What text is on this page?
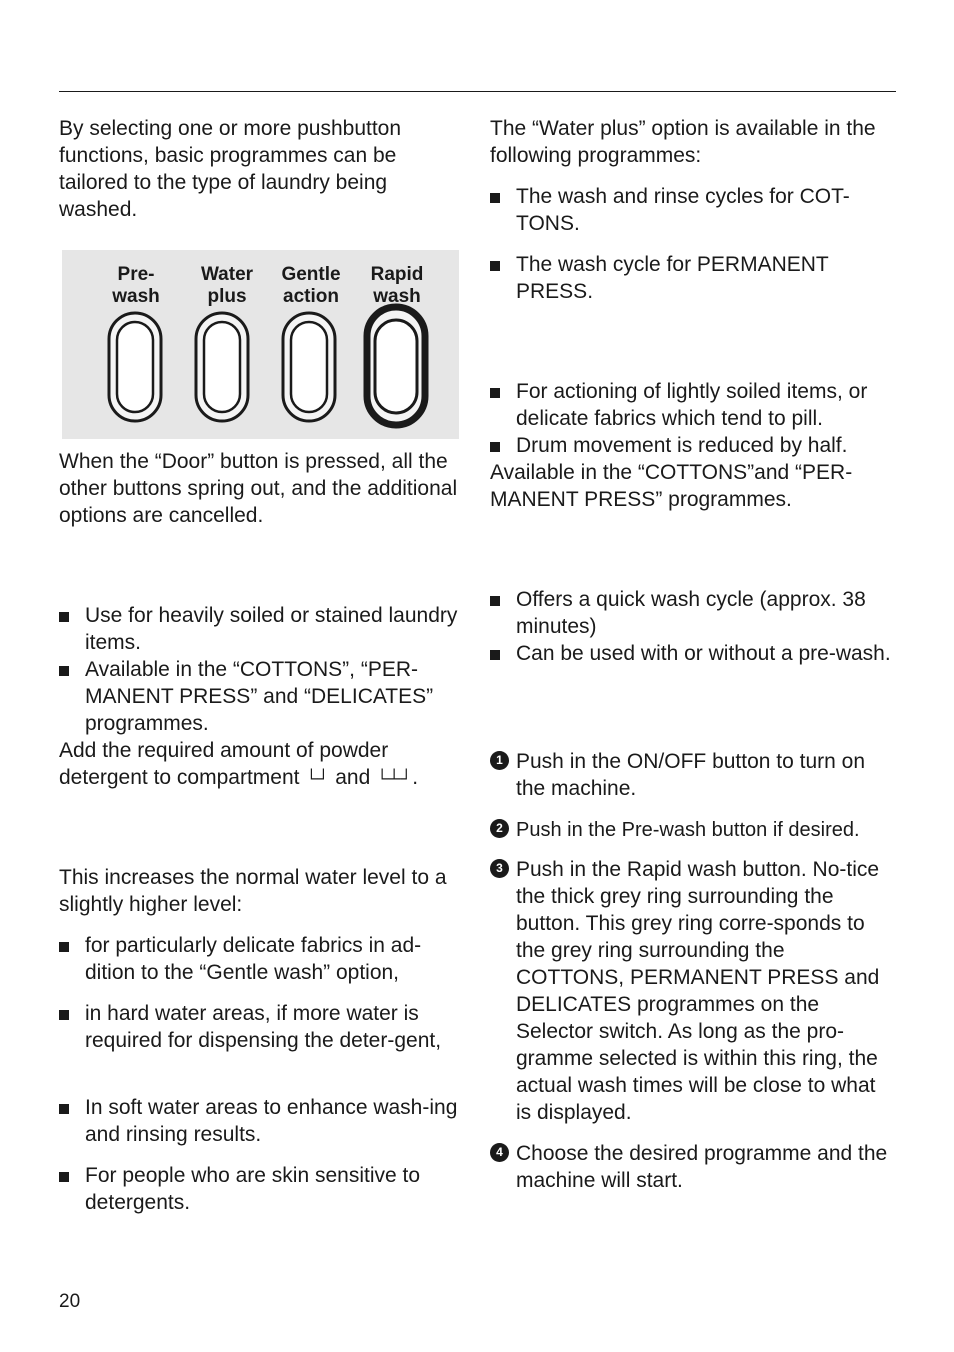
By selecting one or more pushbutton functions, basic programmes can be tailored to the type of laundry being washed.

Pre-
wash
Water
plus
Gentle
action
Rapid
wash

When the “Door” button is pressed, all the other buttons spring out, and the additional options are cancelled.

Use for heavily soiled or stained laundry items.
Available in the “COTTONS”, “PER-MANENT PRESS” and “DELICATES” programmes.

Add the required amount of powder detergent to compartment └┘ and └┴┘.

This increases the normal water level to a slightly higher level:

for particularly delicate fabrics in ad-dition to the “Gentle wash” option,
in hard water areas, if more water is required for dispensing the deter-gent,
In soft water areas to enhance wash-ing and rinsing results.
For people who are skin sensitive to detergents.

The “Water plus” option is available in the following programmes:

The wash and rinse cycles for COT-TONS.
The wash cycle for PERMANENT PRESS.
For actioning of lightly soiled items, or delicate fabrics which tend to pill.
Drum movement is reduced by half.

Available in the “COTTONS”and “PER-MANENT PRESS” programmes.

Offers a quick wash cycle (approx. 38 minutes)
Can be used with or without a pre-wash.
1 Push in the ON/OFF button to turn on the machine.
2 Push in the Pre-wash button if desired.
3 Push in the Rapid wash button. No-tice the thick grey ring surrounding the button. This grey ring corre-sponds to the grey ring surrounding the COTTONS, PERMANENT PRESS and DELICATES programmes on the Selector switch. As long as the pro-gramme selected is within this ring, the actual wash times will be close to what is displayed.
4 Choose the desired programme and the machine will start.
20
